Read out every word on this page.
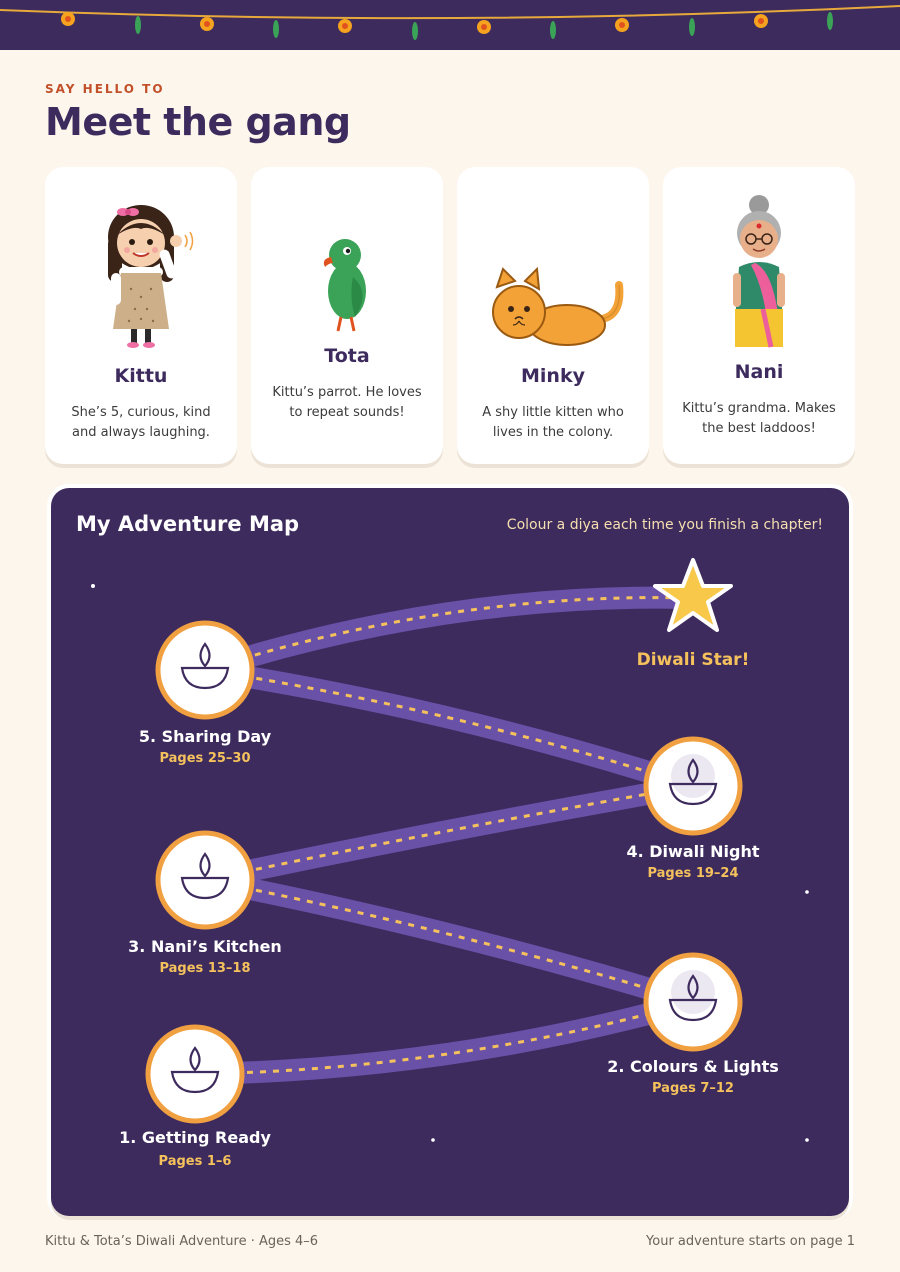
SAY HELLO TO
Meet the gang
Kittu
She’s 5, curious, kind and always laughing.
Tota
Kittu’s parrot. He loves to repeat sounds!
Minky
A shy little kitten who lives in the colony.
Nani
Kittu’s grandma. Makes the best laddoos!
My Adventure Map	Colour a diya each time you finish a chapter!
1. Getting Ready
Pages 1–6
2. Colours & Lights
Pages 7–12
3. Nani’s Kitchen
Pages 13–18
4. Diwali Night
Pages 19–24
5. Sharing Day
Pages 25–30
Diwali Star!
Kittu & Tota’s Diwali Adventure · Ages 4–6	Your adventure starts on page 1
